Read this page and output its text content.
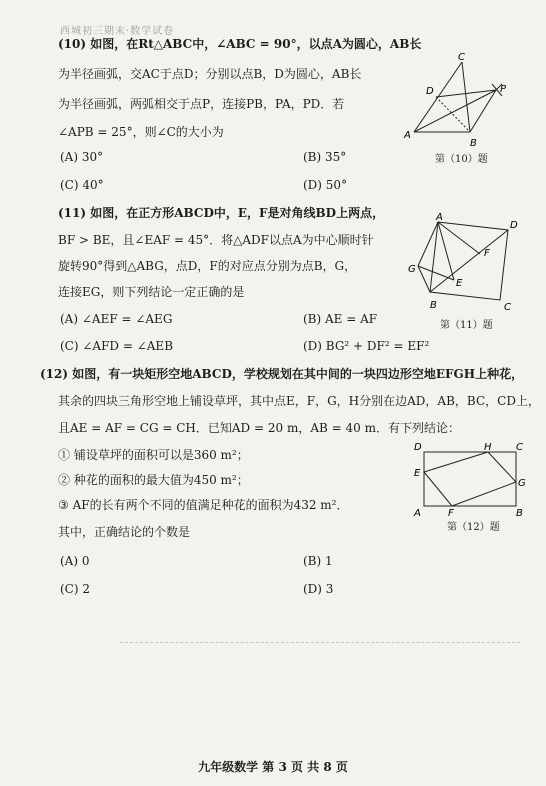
西城初三期末·数学试卷
(10) 如图，在Rt△ABC中，∠ABC = 90°，以点A为圆心，AB长
为半径画弧，交AC于点D；分别以点B，D为圆心，AB长
为半径画弧，两弧相交于点P，连接PB，PA，PD．若
∠APB = 25°，则∠C的大小为
(A) 30°	(B) 35°
(C) 40°	(D) 50°
A
B
C
D	P
第（10）题
(11) 如图，在正方形ABCD中，E，F是对角线BD上两点，
BF > BE，且∠EAF = 45°．将△ADF以点A为中心顺时针
旋转90°得到△ABG，点D，F的对应点分别为点B，G，
连接EG，则下列结论一定正确的是
(A) ∠AEF = ∠AEG	(B) AE = AF
(C) ∠AFD = ∠AEB	(D) BG² + DF² = EF²
A
B	C
D
E
F
G
第（11）题
(12) 如图，有一块矩形空地ABCD，学校规划在其中间的一块四边形空地EFGH上种花，
其余的四块三角形空地上铺设草坪，其中点E，F，G，H分别在边AD，AB，BC，CD上，
且AE = AF = CG = CH．已知AD = 20 m，AB = 40 m．有下列结论：
① 铺设草坪的面积可以是360 m²；
② 种花的面积的最大值为450 m²；
③ AF的长有两个不同的值满足种花的面积为432 m²．
其中，正确结论的个数是
(A) 0	(B) 1
(C) 2	(D) 3
A	B
C
D
E
F
G
H
第（12）题
九年级数学 第 3 页 共 8 页
